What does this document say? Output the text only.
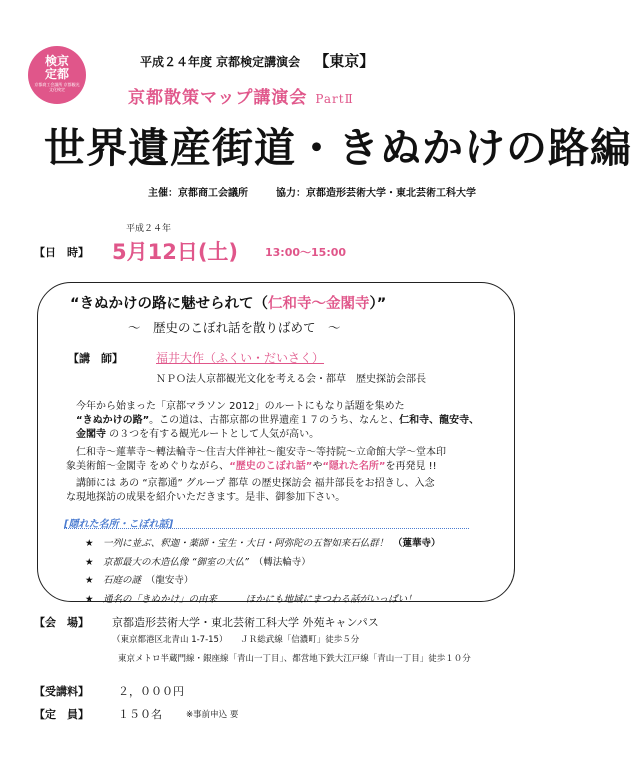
検京
定都
京都商工会議所 京都観光文化検定
平成２４年度 京都検定講演会 【東京】
京都散策マップ講演会 PartⅡ
世界遺産街道・きぬかけの路編
主催：京都商工会議所	協力：京都造形芸術大学・東北芸術工科大学
平成２４年
【日　時】 5月12日(土) 13:00～15:00
“きぬかけの路に魅せられて（仁和寺～金閣寺）”
～　歴史のこぼれ話を散りばめて　～
【講　師】	福井大作（ふくい・だいさく）
ＮＰＯ法人京都観光文化を考える会・都草　歴史探訪会部長
今年から始まった「京都マラソン 2012」のルートにもなり話題を集めた
“きぬかけの路”。この道は、古都京都の世界遺産１７のうち、なんと、仁和寺、龍安寺、
金閣寺 の３つを有する観光ルートとして人気が高い。
仁和寺～蓮華寺～轉法輪寺～住吉大伴神社～龍安寺～等持院～立命館大学～堂本印
象美術館～金閣寺 をめぐりながら、“歴史のこぼれ話”や“隠れた名所”を再発見 !!
講師には あの “京都通” グループ 都草 の歴史探訪会 福井部長をお招きし、入念
な現地探訪の成果を紹介いただきます。是非、御参加下さい。
[隠れた名所・こぼれ話]
★　 一列に並ぶ、釈迦・薬師・宝生・大日・阿弥陀の五智如来石仏群！　 （蓮華寺）
★　 京都最大の木造仏像 “御室の大仏”　 （轉法輪寺）
★　 石庭の謎　 （龍安寺）
★　 通名の「きぬかけ」の由来　　　	ほかにも地域にまつわる話がいっぱい！
【会　場】 京都造形芸術大学・東北芸術工科大学 外苑キャンパス
（東京都港区北青山 1-7-15）　　ＪＲ総武線「信濃町」徒歩５分
東京メトロ半蔵門線・銀座線「青山一丁目」、都営地下鉄大江戸線「青山一丁目」徒歩１０分
【受講料】	２，０００円
【定　員】	１５０名	※事前申込 要
